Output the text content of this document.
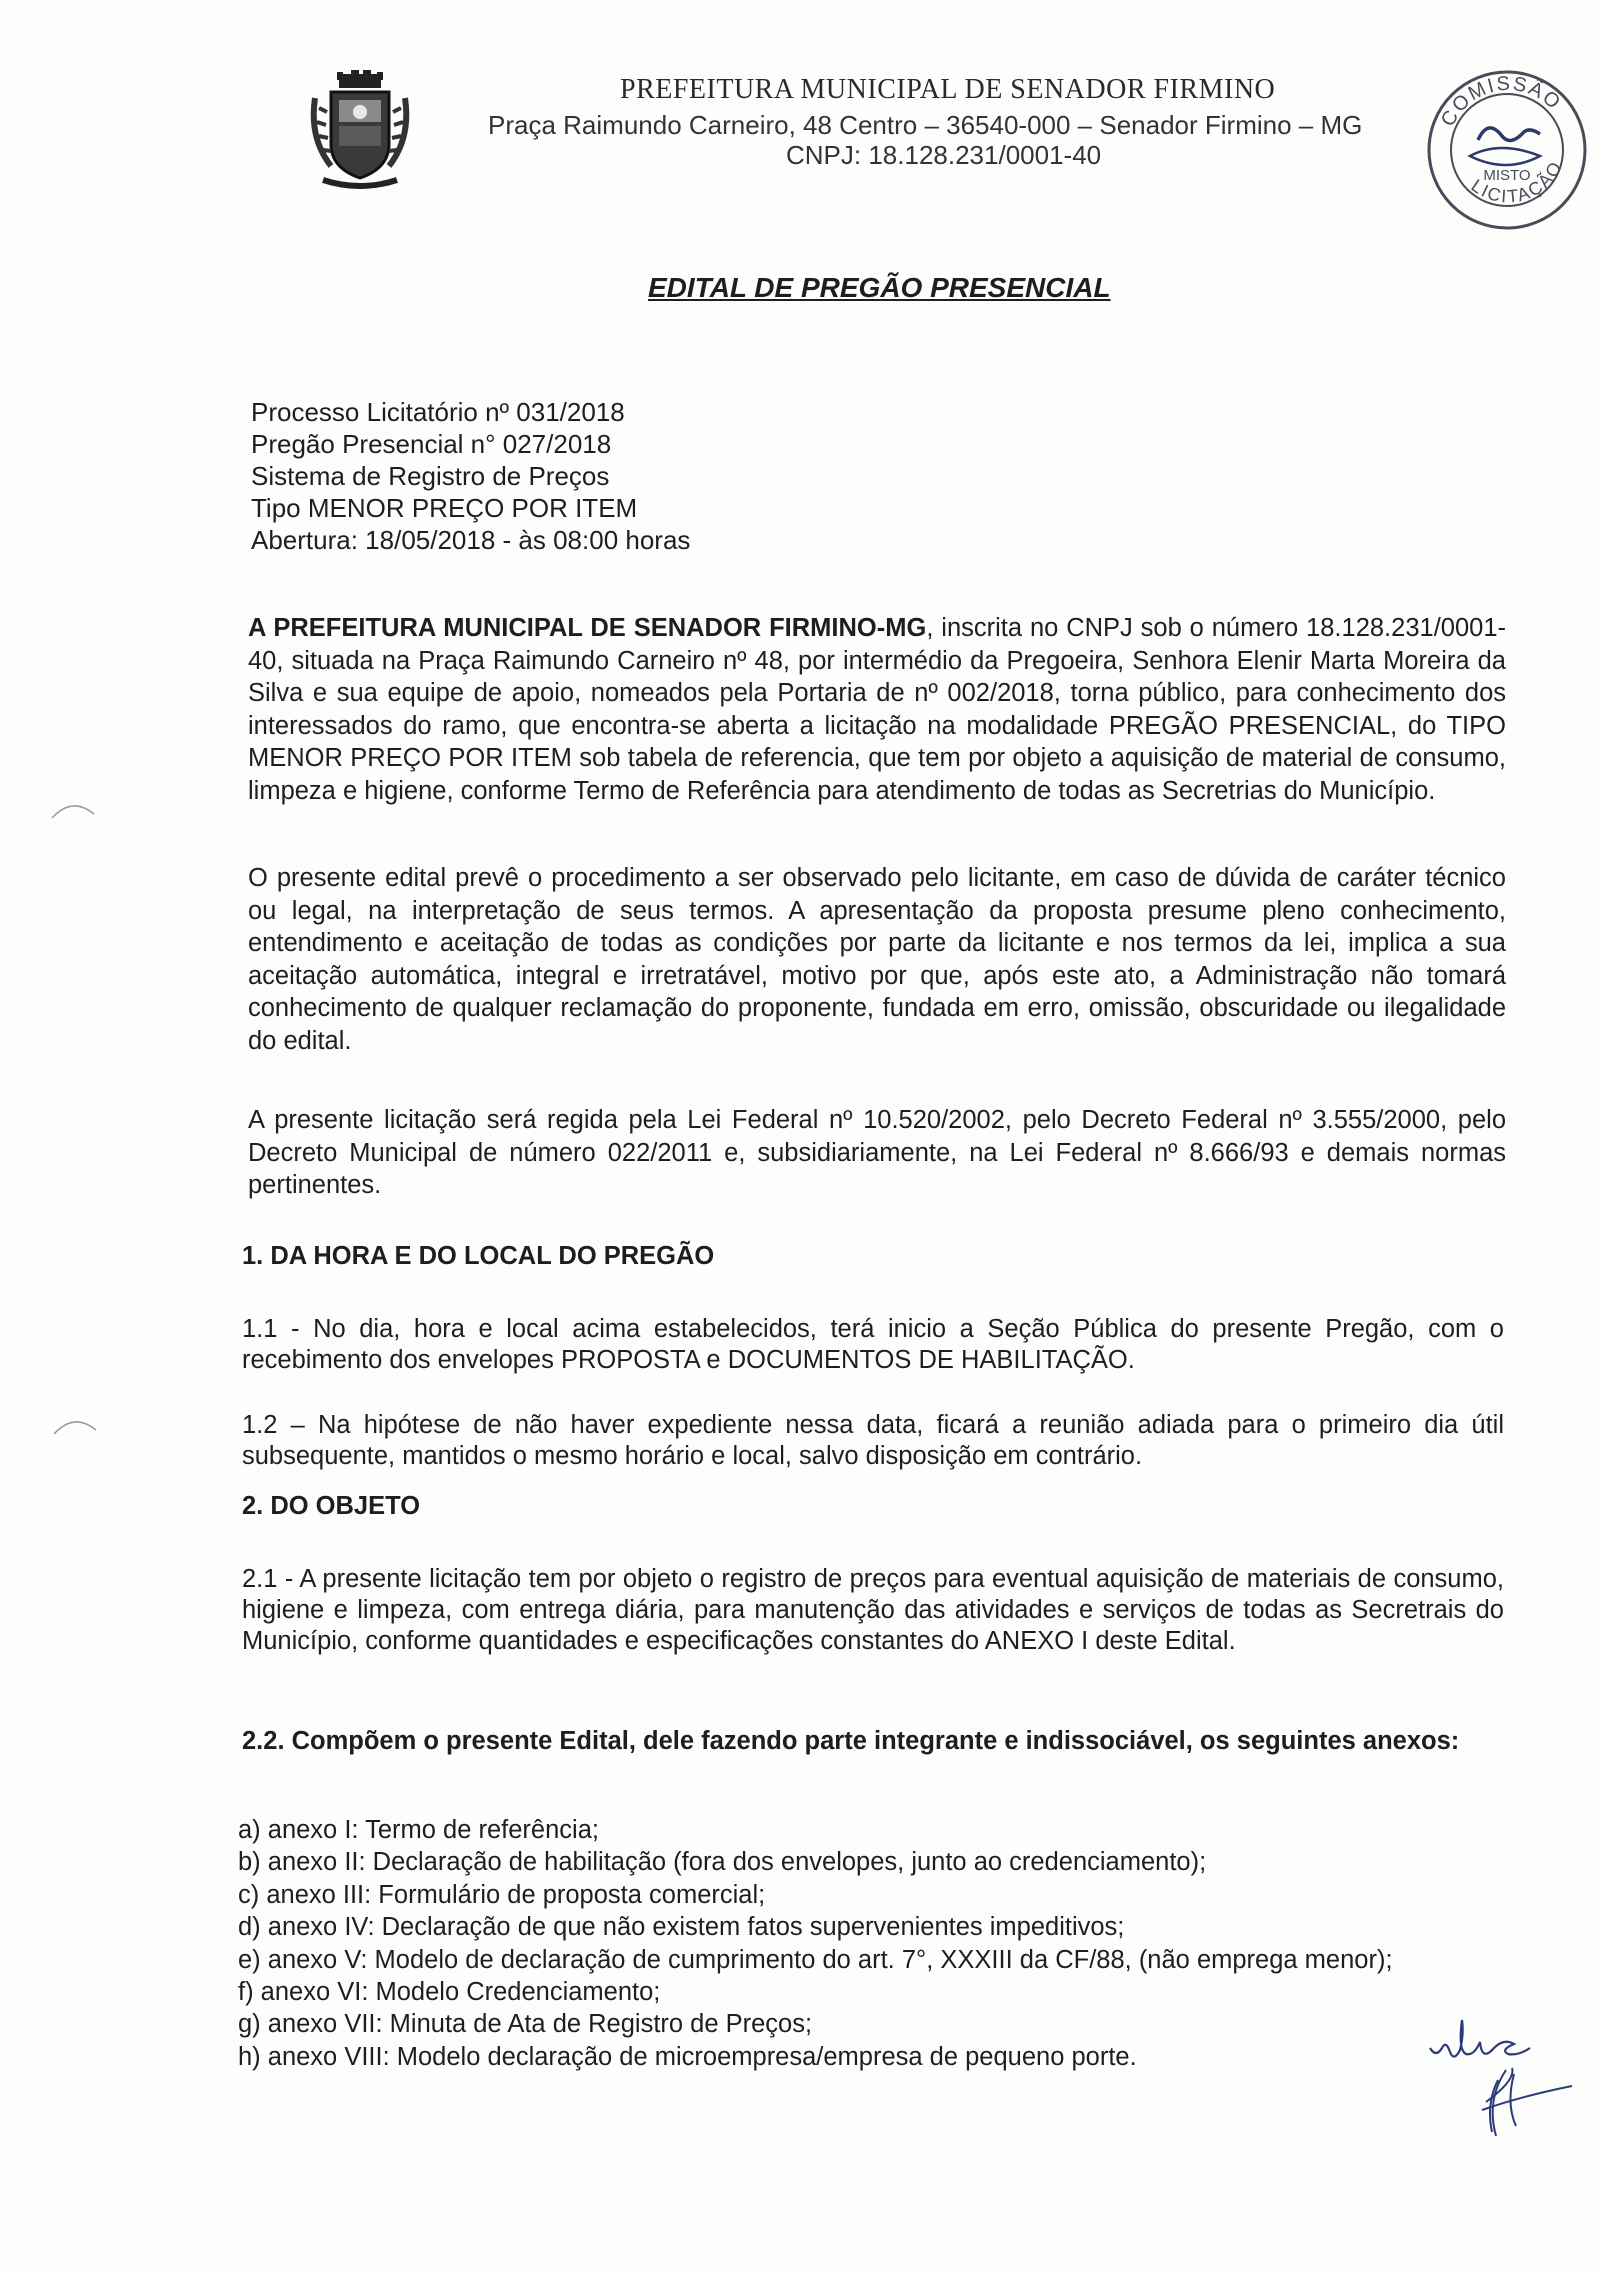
PREFEITURA MUNICIPAL DE SENADOR FIRMINO
Praça Raimundo Carneiro, 48 Centro – 36540-000 – Senador Firmino – MG
CNPJ: 18.128.231/0001-40
COMISSÃO
LICITAÇÃO
MISTO
EDITAL DE PREGÃO PRESENCIAL
Processo Licitatório nº 031/2018
Pregão Presencial n° 027/2018
Sistema de Registro de Preços
Tipo MENOR PREÇO POR ITEM
Abertura: 18/05/2018 - às 08:00 horas
A PREFEITURA MUNICIPAL DE SENADOR FIRMINO-MG, inscrita no CNPJ sob o número 18.128.231/0001-40, situada na Praça Raimundo Carneiro nº 48, por intermédio da Pregoeira, Senhora Elenir Marta Moreira da Silva e sua equipe de apoio, nomeados pela Portaria de nº 002/2018, torna público, para conhecimento dos interessados do ramo, que encontra-se aberta a licitação na modalidade PREGÃO PRESENCIAL, do TIPO MENOR PREÇO POR ITEM sob tabela de referencia, que tem por objeto a aquisição de material de consumo, limpeza e higiene, conforme Termo de Referência para atendimento de todas as Secretrias do Município.
O presente edital prevê o procedimento a ser observado pelo licitante, em caso de dúvida de caráter técnico ou legal, na interpretação de seus termos. A apresentação da proposta presume pleno conhecimento, entendimento e aceitação de todas as condições por parte da licitante e nos termos da lei, implica a sua aceitação automática, integral e irretratável, motivo por que, após este ato, a Administração não tomará conhecimento de qualquer reclamação do proponente, fundada em erro, omissão, obscuridade ou ilegalidade do edital.
A presente licitação será regida pela Lei Federal nº 10.520/2002, pelo Decreto Federal nº 3.555/2000, pelo Decreto Municipal de número 022/2011 e, subsidiariamente, na Lei Federal nº 8.666/93 e demais normas pertinentes.
1. DA HORA E DO LOCAL DO PREGÃO
1.1 - No dia, hora e local acima estabelecidos, terá inicio a Seção Pública do presente Pregão, com o recebimento dos envelopes PROPOSTA e DOCUMENTOS DE HABILITAÇÃO.
1.2 – Na hipótese de não haver expediente nessa data, ficará a reunião adiada para o primeiro dia útil subsequente, mantidos o mesmo horário e local, salvo disposição em contrário.
2. DO OBJETO
2.1 - A presente licitação tem por objeto o registro de preços para eventual aquisição de materiais de consumo, higiene e limpeza, com entrega diária, para manutenção das atividades e serviços de todas as Secretrais do Município, conforme quantidades e especificações constantes do ANEXO I deste Edital.
2.2. Compõem o presente Edital, dele fazendo parte integrante e indissociável, os seguintes anexos:
a) anexo I: Termo de referência;
b) anexo II: Declaração de habilitação (fora dos envelopes, junto ao credenciamento);
c) anexo III: Formulário de proposta comercial;
d) anexo IV: Declaração de que não existem fatos supervenientes impeditivos;
e) anexo V: Modelo de declaração de cumprimento do art. 7°, XXXIII da CF/88, (não emprega menor);
f) anexo VI: Modelo Credenciamento;
g) anexo VII: Minuta de Ata de Registro de Preços;
h) anexo VIII: Modelo declaração de microempresa/empresa de pequeno porte.
